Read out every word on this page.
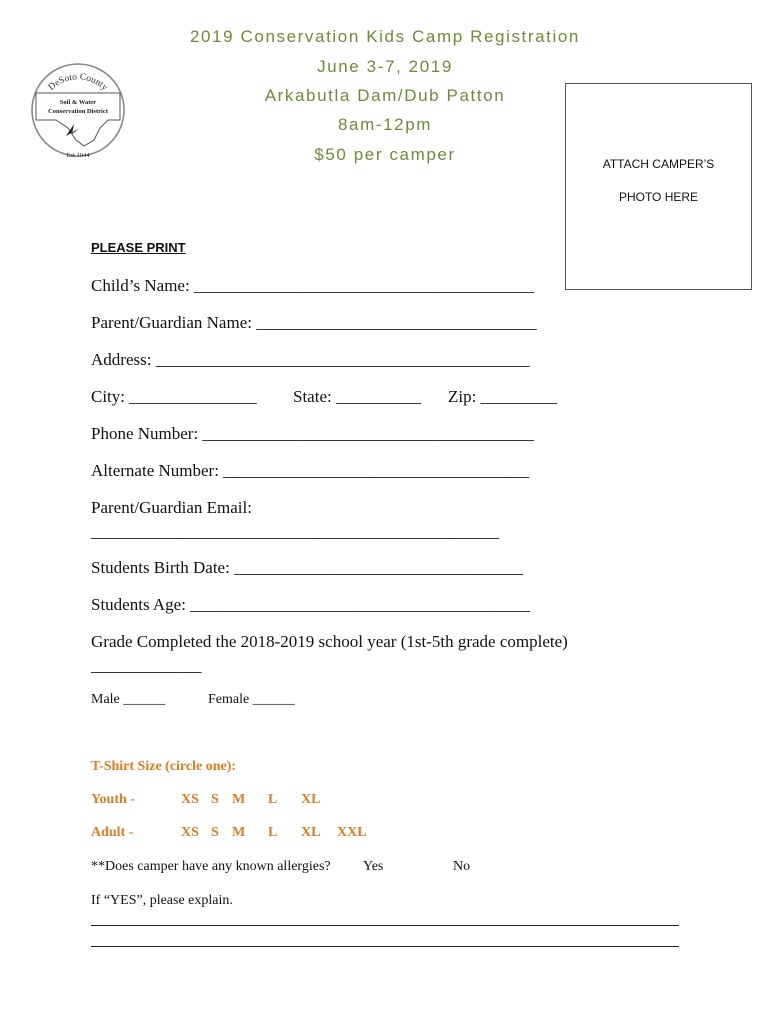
2019 Conservation Kids Camp Registration
June 3-7, 2019
Arkabutla Dam/Dub Patton
8am-12pm
$50 per camper
DeSoto County
Soil & Water
Conservation District
Est.1944
ATTACH CAMPER’S
PHOTO HERE
PLEASE PRINT
Child’s Name: ________________________________________
Parent/Guardian Name: _________________________________
Address: ____________________________________________
City: _______________ State: __________ Zip: _________
Phone Number: _______________________________________
Alternate Number: ____________________________________
Parent/Guardian Email:
________________________________________________
Students Birth Date: __________________________________
Students Age: ________________________________________
Grade Completed the 2018-2019 school year (1st-5th grade complete)
_____________
Male ______	Female ______
T-Shirt Size (circle one):
Youth -	XS S M L XL
Adult -	XS S M L XL XXL
**Does camper have any known allergies? Yes	No
If “YES”, please explain.
